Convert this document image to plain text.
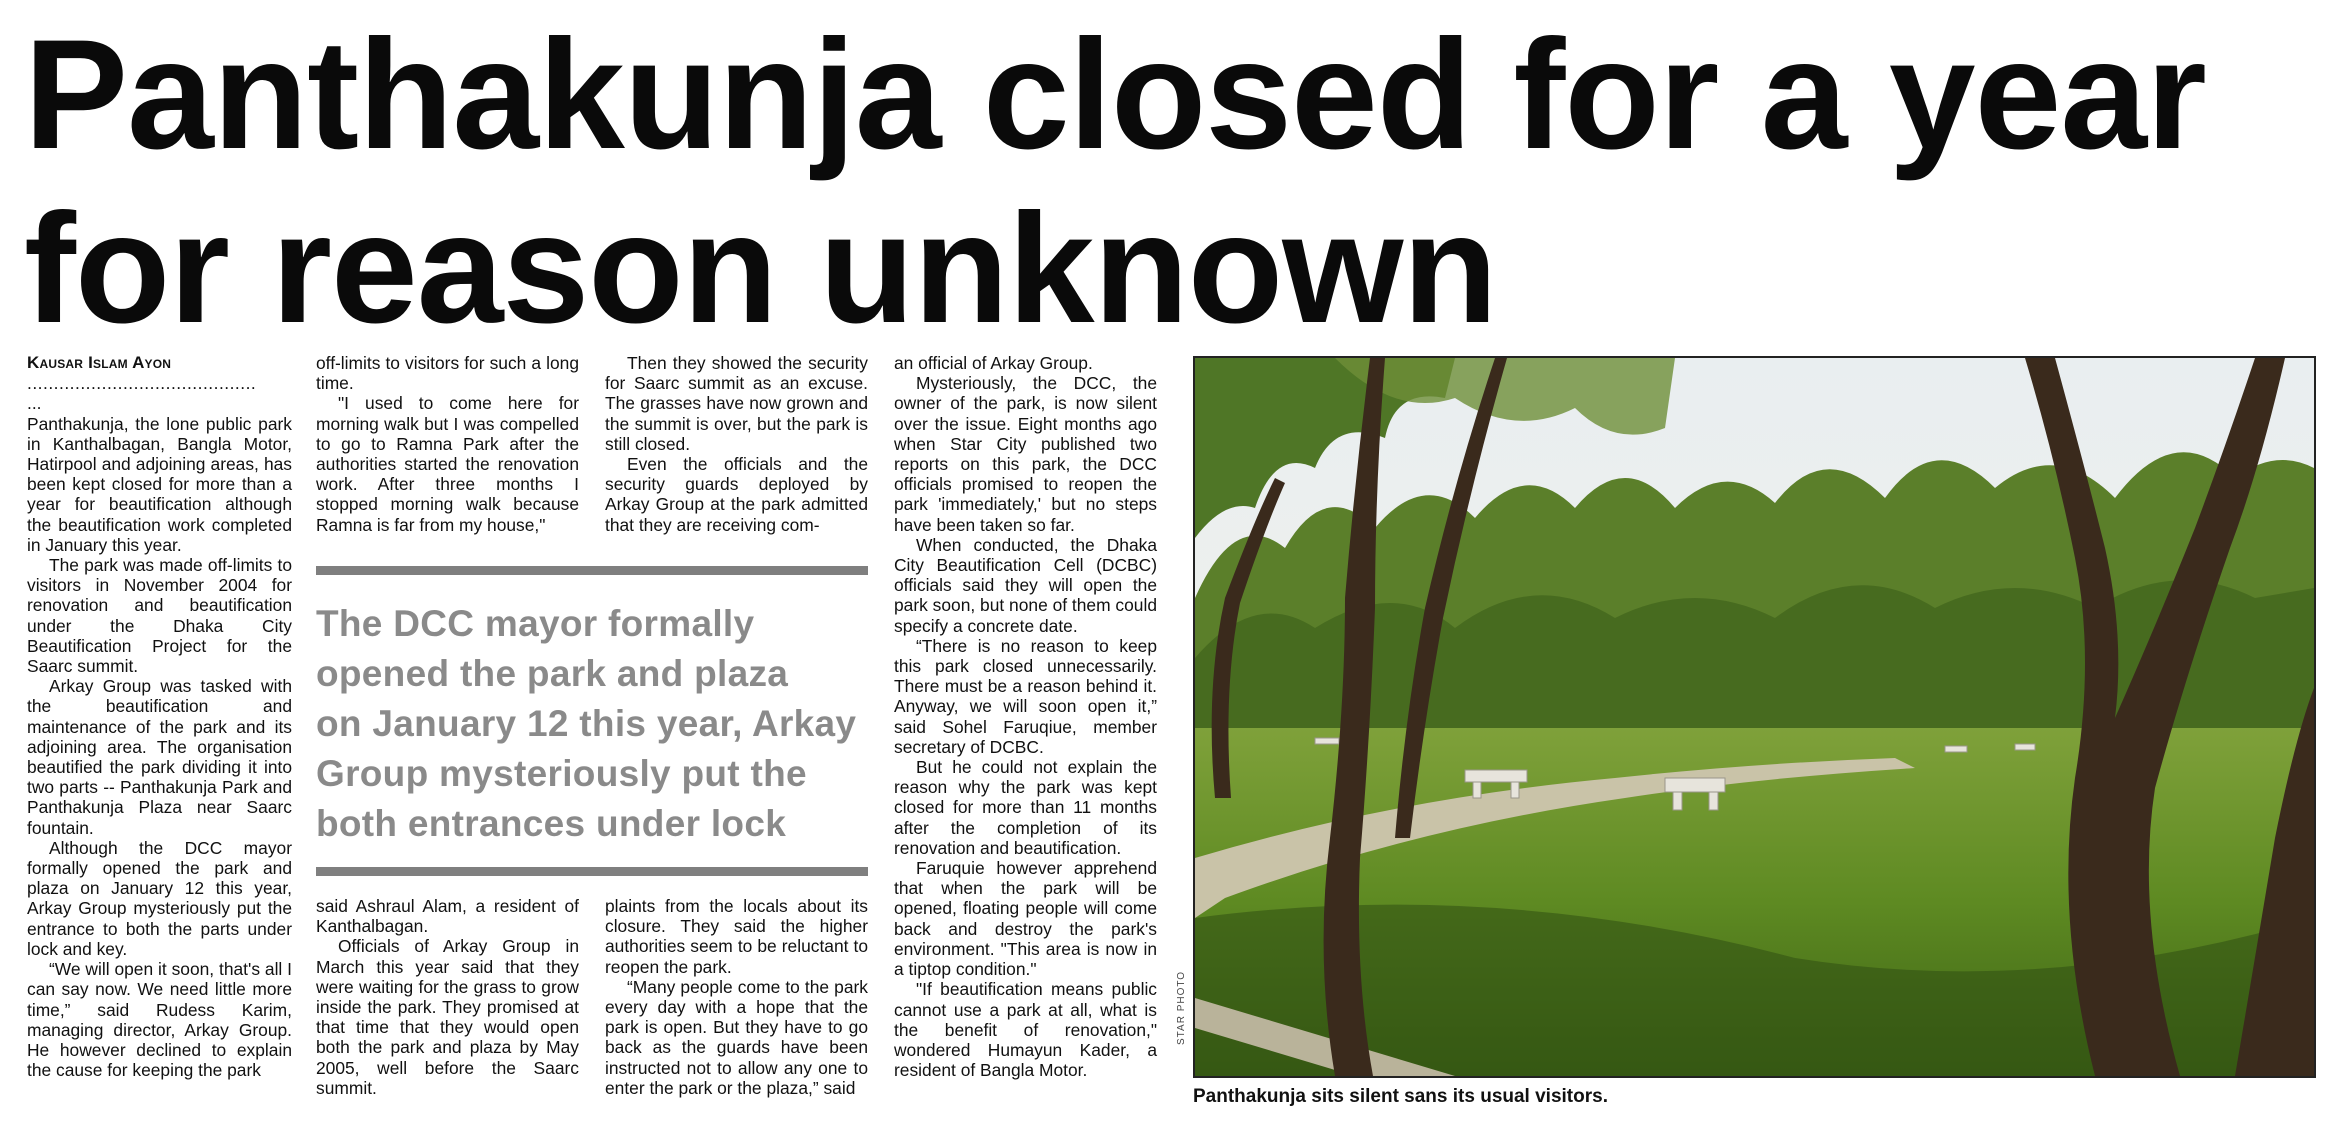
Panthakunja closed for a year
for reason unknown
Kausar Islam Ayon
...........................................
...

Panthakunja, the lone public park in Kanthalbagan, Bangla Motor, Hatirpool and adjoining areas, has been kept closed for more than a year for beautification although the beautification work completed in January this year.

The park was made off-limits to visitors in November 2004 for renovation and beautification under the Dhaka City Beautification Project for the Saarc summit.

Arkay Group was tasked with the beautification and maintenance of the park and its adjoining area. The organisation beautified the park dividing it into two parts -- Panthakunja Park and Panthakunja Plaza near Saarc fountain.

Although the DCC mayor formally opened the park and plaza on January 12 this year, Arkay Group mysteriously put the entrance to both the parts under lock and key.

“We will open it soon, that's all I can say now. We need little more time,” said Rudess Karim, managing director, Arkay Group. He however declined to explain the cause for keeping the park

off-limits to visitors for such a long time.

"I used to come here for morning walk but I was compelled to go to Ramna Park after the authorities started the renovation work. After three months I stopped morning walk because Ramna is far from my house,"

Then they showed the security for Saarc summit as an excuse. The grasses have now grown and the summit is over, but the park is still closed.

Even the officials and the security guards deployed by Arkay Group at the park admitted that they are receiving com-

The DCC mayor formally
opened the park and plaza
on January 12 this year, Arkay
Group mysteriously put the
both entrances under lock

said Ashraul Alam, a resident of Kanthalbagan.

Officials of Arkay Group in March this year said that they were waiting for the grass to grow inside the park. They promised at that time that they would open both the park and plaza by May 2005, well before the Saarc summit.

plaints from the locals about its closure. They said the higher authorities seem to be reluctant to reopen the park.

“Many people come to the park every day with a hope that the park is open. But they have to go back as the guards have been instructed not to allow any one to enter the park or the plaza,” said

an official of Arkay Group.

Mysteriously, the DCC, the owner of the park, is now silent over the issue. Eight months ago when Star City published two reports on this park, the DCC officials promised to reopen the park 'immediately,' but no steps have been taken so far.

When conducted, the Dhaka City Beautification Cell (DCBC) officials said they will open the park soon, but none of them could specify a concrete date.

“There is no reason to keep this park closed unnecessarily. There must be a reason behind it. Anyway, we will soon open it,” said Sohel Faruqiue, member secretary of DCBC.

But he could not explain the reason why the park was kept closed for more than 11 months after the completion of its renovation and beautification.

Faruquie however apprehend that when the park will be opened, floating people will come back and destroy the park's environment. "This area is now in a tiptop condition."

"If beautification means public cannot use a park at all, what is the benefit of renovation," wondered Humayun Kader, a resident of Bangla Motor.

STAR PHOTO
Panthakunja sits silent sans its usual visitors.
